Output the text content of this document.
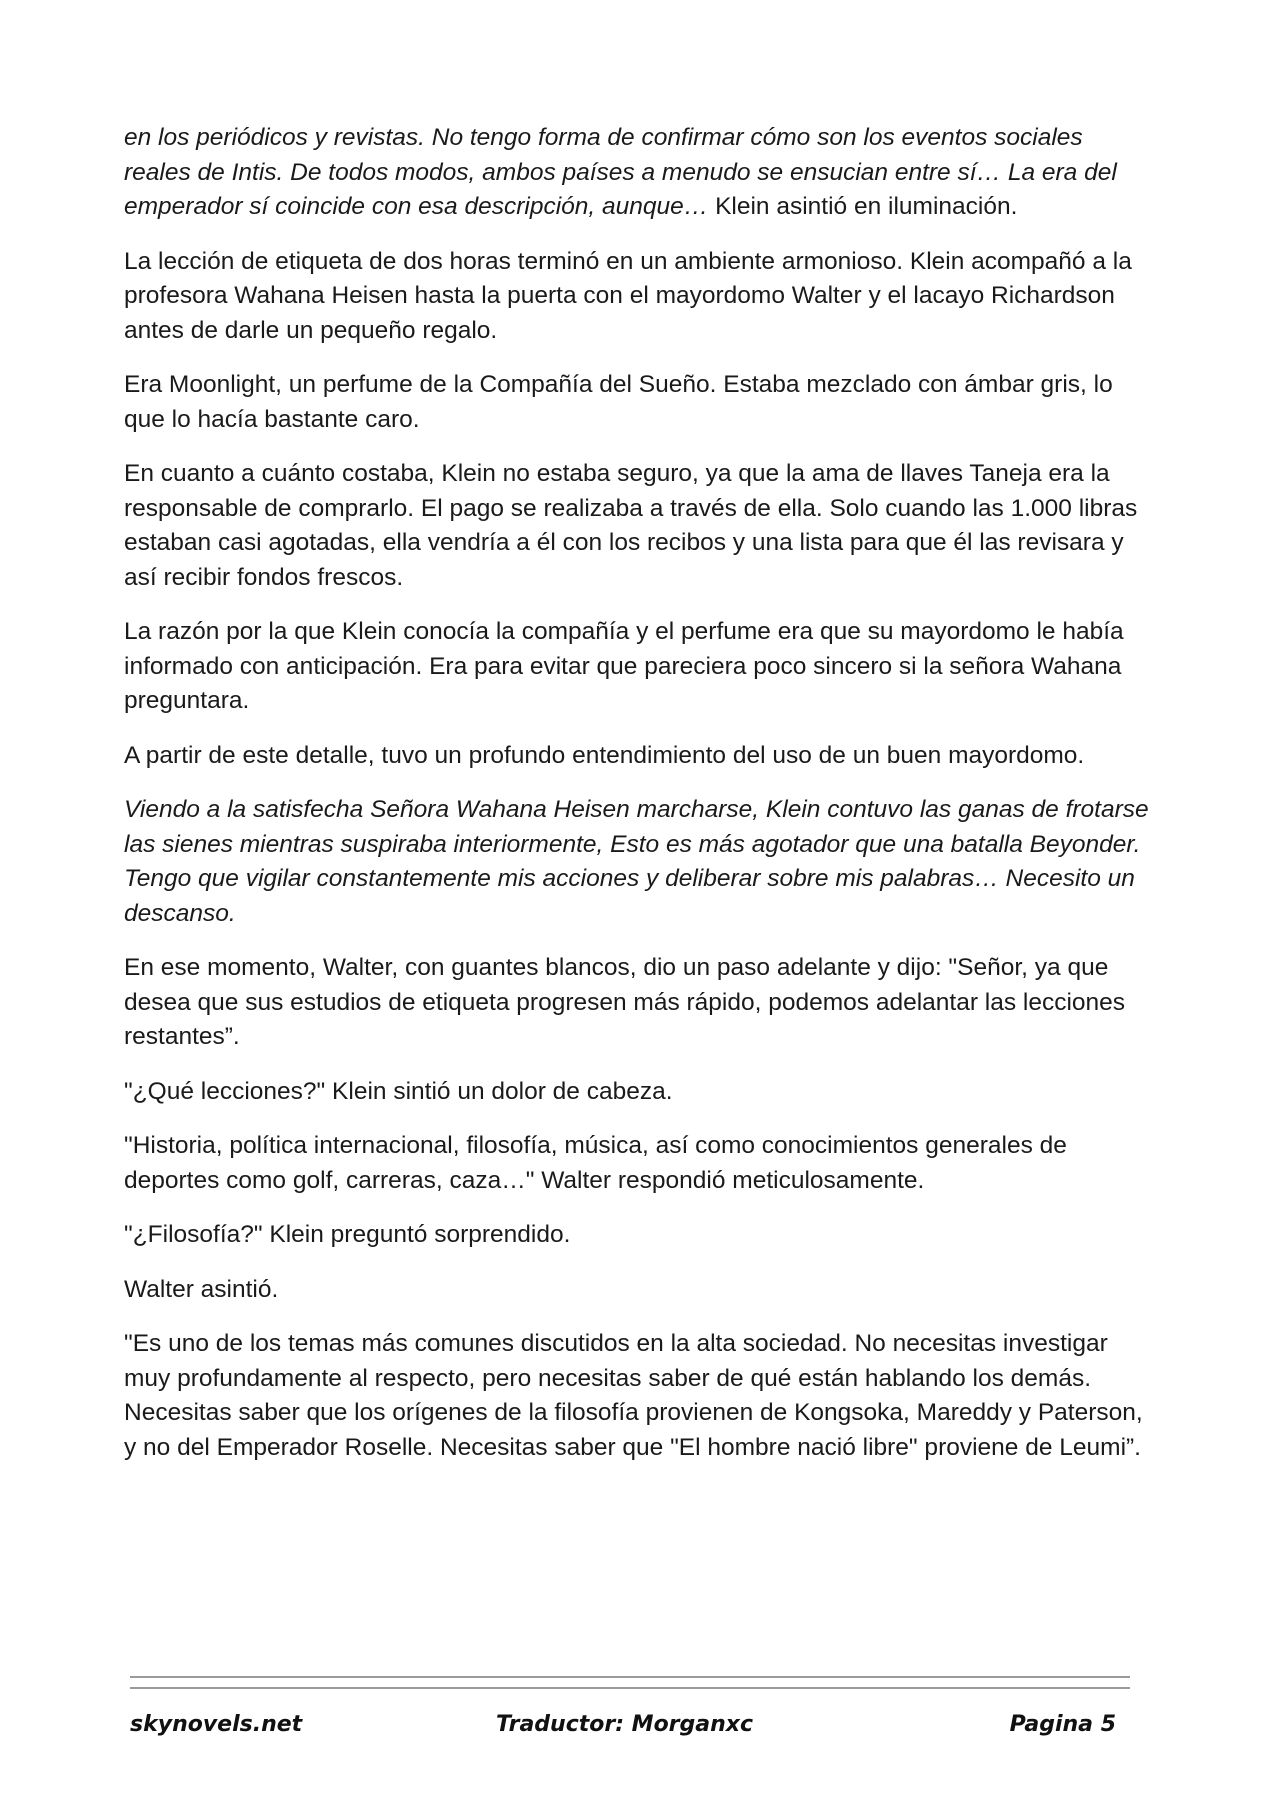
en los periódicos y revistas. No tengo forma de confirmar cómo son los eventos sociales reales de Intis. De todos modos, ambos países a menudo se ensucian entre sí… La era del emperador sí coincide con esa descripción, aunque… Klein asintió en iluminación.

La lección de etiqueta de dos horas terminó en un ambiente armonioso. Klein acompañó a la profesora Wahana Heisen hasta la puerta con el mayordomo Walter y el lacayo Richardson antes de darle un pequeño regalo.

Era Moonlight, un perfume de la Compañía del Sueño. Estaba mezclado con ámbar gris, lo que lo hacía bastante caro.

En cuanto a cuánto costaba, Klein no estaba seguro, ya que la ama de llaves Taneja era la responsable de comprarlo. El pago se realizaba a través de ella. Solo cuando las 1.000 libras estaban casi agotadas, ella vendría a él con los recibos y una lista para que él las revisara y así recibir fondos frescos.

La razón por la que Klein conocía la compañía y el perfume era que su mayordomo le había informado con anticipación. Era para evitar que pareciera poco sincero si la señora Wahana preguntara.

A partir de este detalle, tuvo un profundo entendimiento del uso de un buen mayordomo.

Viendo a la satisfecha Señora Wahana Heisen marcharse, Klein contuvo las ganas de frotarse las sienes mientras suspiraba interiormente, Esto es más agotador que una batalla Beyonder. Tengo que vigilar constantemente mis acciones y deliberar sobre mis palabras… Necesito un descanso.

En ese momento, Walter, con guantes blancos, dio un paso adelante y dijo: "Señor, ya que desea que sus estudios de etiqueta progresen más rápido, podemos adelantar las lecciones restantes”.

"¿Qué lecciones?" Klein sintió un dolor de cabeza.

"Historia, política internacional, filosofía, música, así como conocimientos generales de deportes como golf, carreras, caza…" Walter respondió meticulosamente.

"¿Filosofía?" Klein preguntó sorprendido.

Walter asintió.

"Es uno de los temas más comunes discutidos en la alta sociedad. No necesitas investigar muy profundamente al respecto, pero necesitas saber de qué están hablando los demás. Necesitas saber que los orígenes de la filosofía provienen de Kongsoka, Mareddy y Paterson, y no del Emperador Roselle. Necesitas saber que "El hombre nació libre" proviene de Leumi”.

skynovels.net	Traductor: Morganxc	Pagina 5
